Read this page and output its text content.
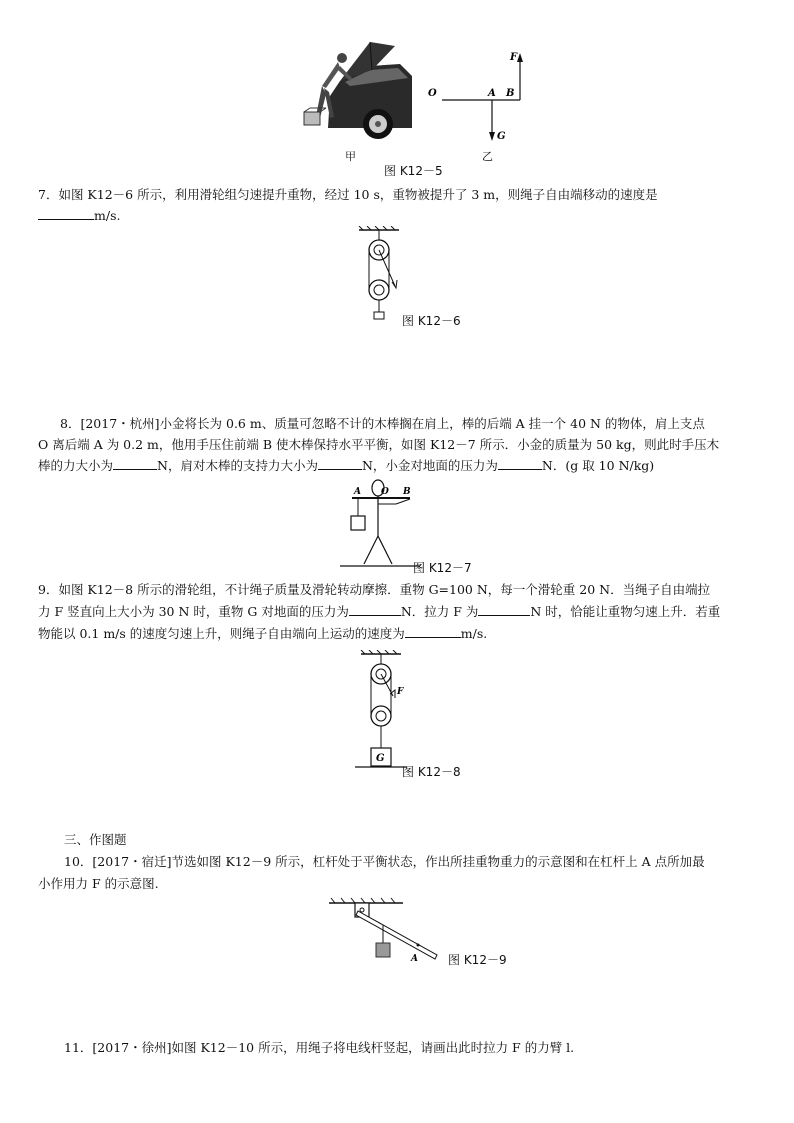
甲
O	A B
F
G
乙
图 K12－5
7．如图 K12－6 所示，利用滑轮组匀速提升重物，经过 10 s，重物被提升了 3 m，则绳子自由端移动的速度是
m/s.
图 K12－6
8．[2017・杭州]小金将长为 0.6 m、质量可忽略不计的木棒搁在肩上，棒的后端 A 挂一个 40 N 的物体，肩上支点
O 离后端 A 为 0.2 m，他用手压住前端 B 使木棒保持水平平衡，如图 K12－7 所示．小金的质量为 50 kg，则此时手压木
棒的力大小为	N，肩对木棒的支持力大小为	N，小金对地面的压力为	N．(g 取 10 N/kg)
A O B
图 K12－7
9．如图 K12－8 所示的滑轮组，不计绳子质量及滑轮转动摩擦．重物 G=100 N，每一个滑轮重 20 N．当绳子自由端拉
力 F 竖直向上大小为 30 N 时，重物 G 对地面的压力为	N．拉力 F 为	N 时，恰能让重物匀速上升．若重
物能以 0.1 m/s 的速度匀速上升，则绳子自由端向上运动的速度为	m/s.
F
G
图 K12－8
三、作图题
10．[2017・宿迁]节选如图 K12－9 所示，杠杆处于平衡状态，作出所挂重物重力的示意图和在杠杆上 A 点所加最
小作用力 F 的示意图.
A	图 K12－9
11．[2017・徐州]如图 K12－10 所示，用绳子将电线杆竖起，请画出此时拉力 F 的力臂 l.
